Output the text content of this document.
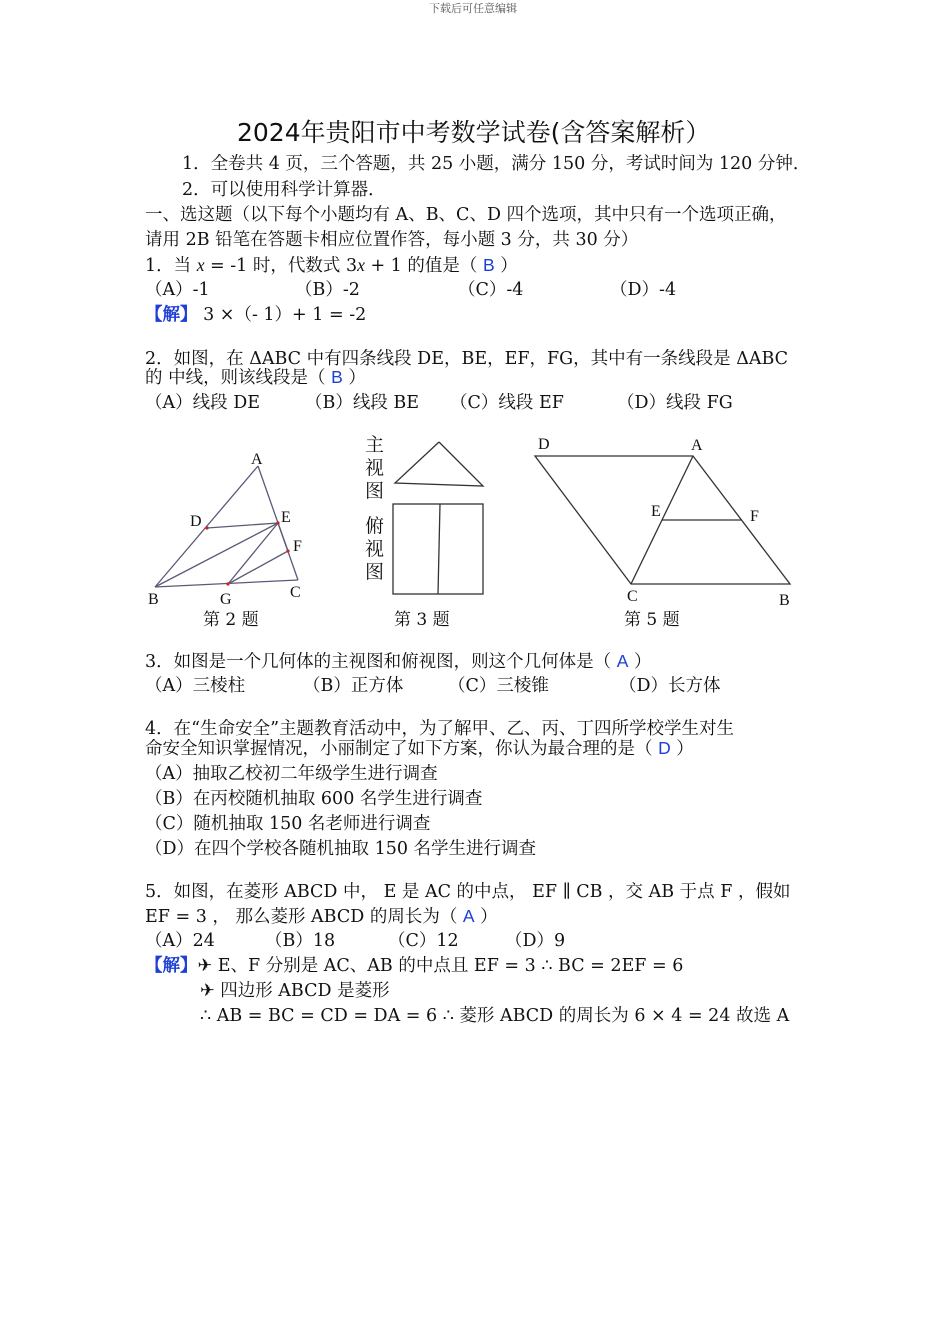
下载后可任意编辑
2024年贵阳市中考数学试卷(含答案解析）
1．全卷共 4 页，三个答题，共 25 小题，满分 150 分，考试时间为 120 分钟．
2．可以使用科学计算器．
一、选这题（以下每个小题均有 A、B、C、D 四个选项，其中只有一个选项正确，
请用 2B 铅笔在答题卡相应位置作答，每小题 3 分，共 30 分）
1．当 x = -1 时，代数式 3x + 1 的值是（ B ）
（A）-1	（B）-2	（C）-4	（D）-4
【解】 3 ×（- 1）+ 1 = -2
2．如图，在 ΔABC 中有四条线段 DE，BE，EF，FG，其中有一条线段是 ΔABC
的 中线，则该线段是（ B ）
（A）线段 DE	（B）线段 BE （C）线段 EF	（D）线段 FG
A
D	E
F
B	G	C
主
视
图
俯
视
图
D	A
E	F
C	B
第 2 题	第 3 题	第 5 题
3．如图是一个几何体的主视图和俯视图，则这个几何体是（ A ）
（A）三棱柱	（B）正方体	（C）三棱锥	（D）长方体
4．在“生命安全”主题教育活动中，为了解甲、乙、丙、丁四所学校学生对生
命安全知识掌握情况，小丽制定了如下方案，你认为最合理的是（ D ）
（A）抽取乙校初二年级学生进行调查
（B）在丙校随机抽取 600 名学生进行调查
（C）随机抽取 150 名老师进行调查
（D）在四个学校各随机抽取 150 名学生进行调查
5．如图，在菱形 ABCD 中， E 是 AC 的中点， EF ∥ CB ，交 AB 于点 F ，假如
EF = 3 ， 那么菱形 ABCD 的周长为（ A ）
（A）24	（B）18	（C）12	（D）9
【解】✈ E、F 分别是 AC、AB 的中点且 EF = 3 ∴ BC = 2EF = 6
✈ 四边形 ABCD 是菱形
∴ AB = BC = CD = DA = 6 ∴ 菱形 ABCD 的周长为 6 × 4 = 24 故选 A
